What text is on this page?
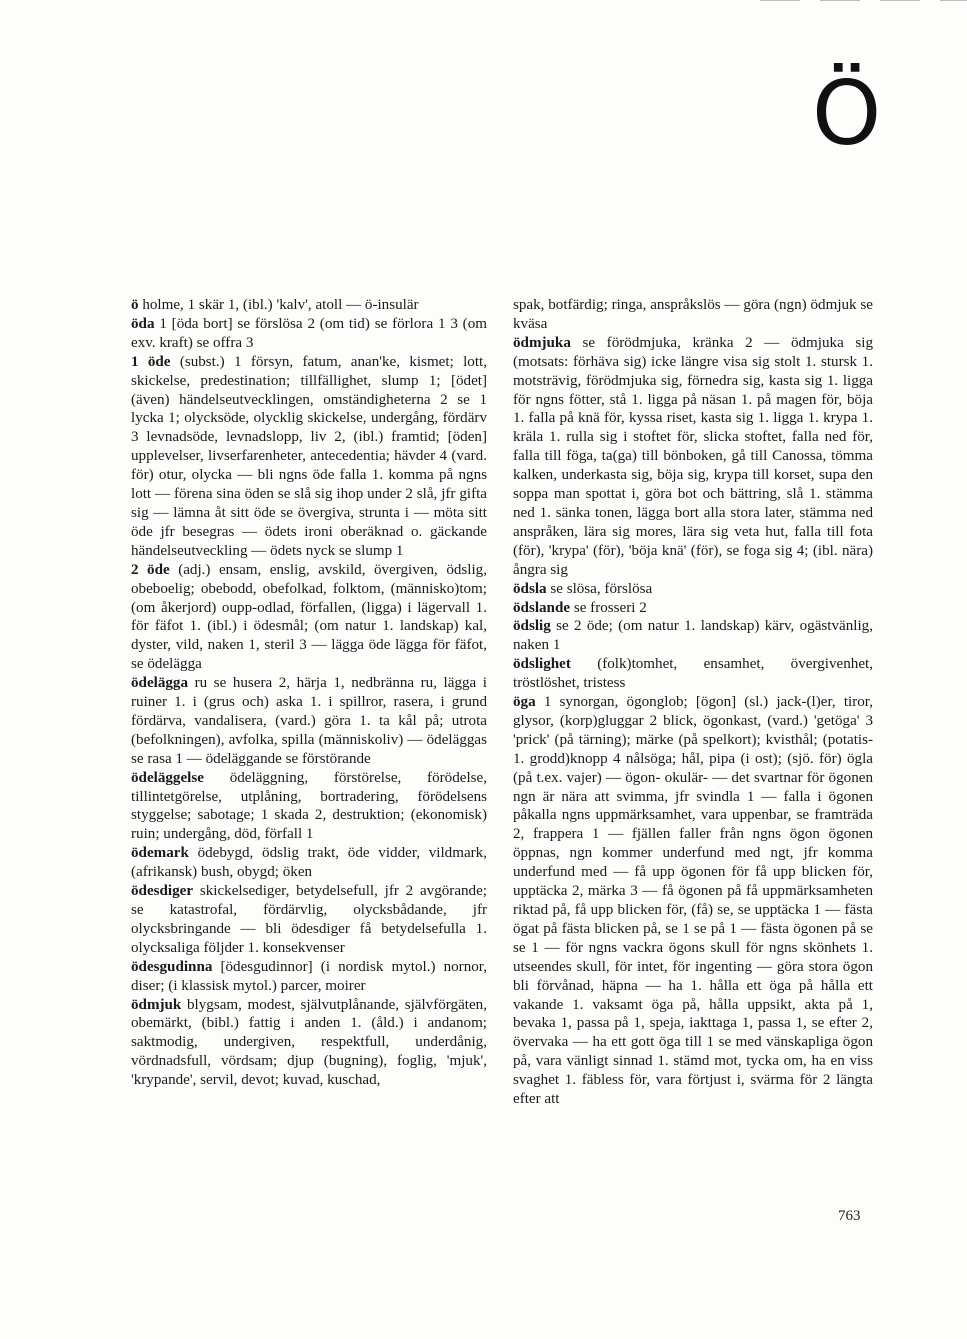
Ö

ö holme, 1 skär 1, (ibl.) 'kalv', atoll — ö-insulär

öda 1 [öda bort] se förslösa 2 (om tid) se förlora 1 3 (om exv. kraft) se offra 3

1 öde (subst.) 1 försyn, fatum, anan'ke, kismet; lott, skickelse, predestination; tillfällighet, slump 1; [ödet] (även) händelseutvecklingen, omständigheterna 2 se 1 lycka 1; olycksöde, olycklig skickelse, undergång, fördärv 3 levnadsöde, levnadslopp, liv 2, (ibl.) framtid; [öden] upplevelser, livserfarenheter, antecedentia; hävder 4 (vard. för) otur, olycka — bli ngns öde falla 1. komma på ngns lott — förena sina öden se slå sig ihop under 2 slå, jfr gifta sig — lämna åt sitt öde se övergiva, strunta i — möta sitt öde jfr besegras — ödets ironi oberäknad o. gäckande händelseutveckling — ödets nyck se slump 1

2 öde (adj.) ensam, enslig, avskild, övergiven, ödslig, obeboelig; obebodd, obefolkad, folktom, (människo)tom; (om åkerjord) oupp-odlad, förfallen, (ligga) i lägervall 1. för fäfot 1. (ibl.) i ödesmål; (om natur 1. landskap) kal, dyster, vild, naken 1, steril 3 — lägga öde lägga för fäfot, se ödelägga

ödelägga ru se husera 2, härja 1, nedbränna ru, lägga i ruiner 1. i (grus och) aska 1. i spillror, rasera, i grund fördärva, vandalisera, (vard.) göra 1. ta kål på; utrota (befolkningen), avfolka, spilla (människoliv) — ödeläggas se rasa 1 — ödeläggande se förstörande

ödeläggelse ödeläggning, förstörelse, förödelse, tillintetgörelse, utplåning, bortradering, förödelsens styggelse; sabotage; 1 skada 2, destruktion; (ekonomisk) ruin; undergång, död, förfall 1

ödemark ödebygd, ödslig trakt, öde vidder, vildmark, (afrikansk) bush, obygd; öken

ödesdiger skickelsediger, betydelsefull, jfr 2 avgörande; se katastrofal, fördärvlig, olycksbådande, jfr olycksbringande — bli ödesdiger få betydelsefulla 1. olycksaliga följder 1. konsekvenser

ödesgudinna [ödesgudinnor] (i nordisk mytol.) nornor, diser; (i klassisk mytol.) parcer, moirer

ödmjuk blygsam, modest, självutplånande, självförgäten, obemärkt, (bibl.) fattig i anden 1. (åld.) i andanom; saktmodig, undergiven, respektfull, underdånig, vördnadsfull, vördsam; djup (bugning), foglig, 'mjuk', 'krypande', servil, devot; kuvad, kuschad,

spak, botfärdig; ringa, anspråkslös — göra (ngn) ödmjuk se kväsa

ödmjuka se förödmjuka, kränka 2 — ödmjuka sig (motsats: förhäva sig) icke längre visa sig stolt 1. stursk 1. motsträvig, förödmjuka sig, förnedra sig, kasta sig 1. ligga för ngns fötter, stå 1. ligga på näsan 1. på magen för, böja 1. falla på knä för, kyssa riset, kasta sig 1. ligga 1. krypa 1. kräla 1. rulla sig i stoftet för, slicka stoftet, falla ned för, falla till föga, ta(ga) till bönboken, gå till Canossa, tömma kalken, underkasta sig, böja sig, krypa till korset, supa den soppa man spottat i, göra bot och bättring, slå 1. stämma ned 1. sänka tonen, lägga bort alla stora later, stämma ned anspråken, lära sig mores, lära sig veta hut, falla till fota (för), 'krypa' (för), 'böja knä' (för), se foga sig 4; (ibl. nära) ångra sig

ödsla se slösa, förslösa

ödslande se frosseri 2

ödslig se 2 öde; (om natur 1. landskap) kärv, ogästvänlig, naken 1

ödslighet (folk)tomhet, ensamhet, övergivenhet, tröstlöshet, tristess

öga 1 synorgan, ögonglob; [ögon] (sl.) jack-(l)er, tiror, glysor, (korp)gluggar 2 blick, ögonkast, (vard.) 'getöga' 3 'prick' (på tärning); märke (på spelkort); kvisthål; (potatis- 1. grodd)knopp 4 nålsöga; hål, pipa (i ost); (sjö. för) ögla (på t.ex. vajer) — ögon- okulär- — det svartnar för ögonen ngn är nära att svimma, jfr svindla 1 — falla i ögonen påkalla ngns uppmärksamhet, vara uppenbar, se framträda 2, frappera 1 — fjällen faller från ngns ögon ögonen öppnas, ngn kommer underfund med ngt, jfr komma underfund med — få upp ögonen för få upp blicken för, upptäcka 2, märka 3 — få ögonen på få uppmärksamheten riktad på, få upp blicken för, (få) se, se upptäcka 1 — fästa ögat på fästa blicken på, se 1 se på 1 — fästa ögonen på se se 1 — för ngns vackra ögons skull för ngns skönhets 1. utseendes skull, för intet, för ingenting — göra stora ögon bli förvånad, häpna — ha 1. hålla ett öga på hålla ett vakande 1. vaksamt öga på, hålla uppsikt, akta på 1, bevaka 1, passa på 1, speja, iakttaga 1, passa 1, se efter 2, övervaka — ha ett gott öga till 1 se med vänskapliga ögon på, vara vänligt sinnad 1. stämd mot, tycka om, ha en viss svaghet 1. fäbless för, vara förtjust i, svärma för 2 längta efter att

763
